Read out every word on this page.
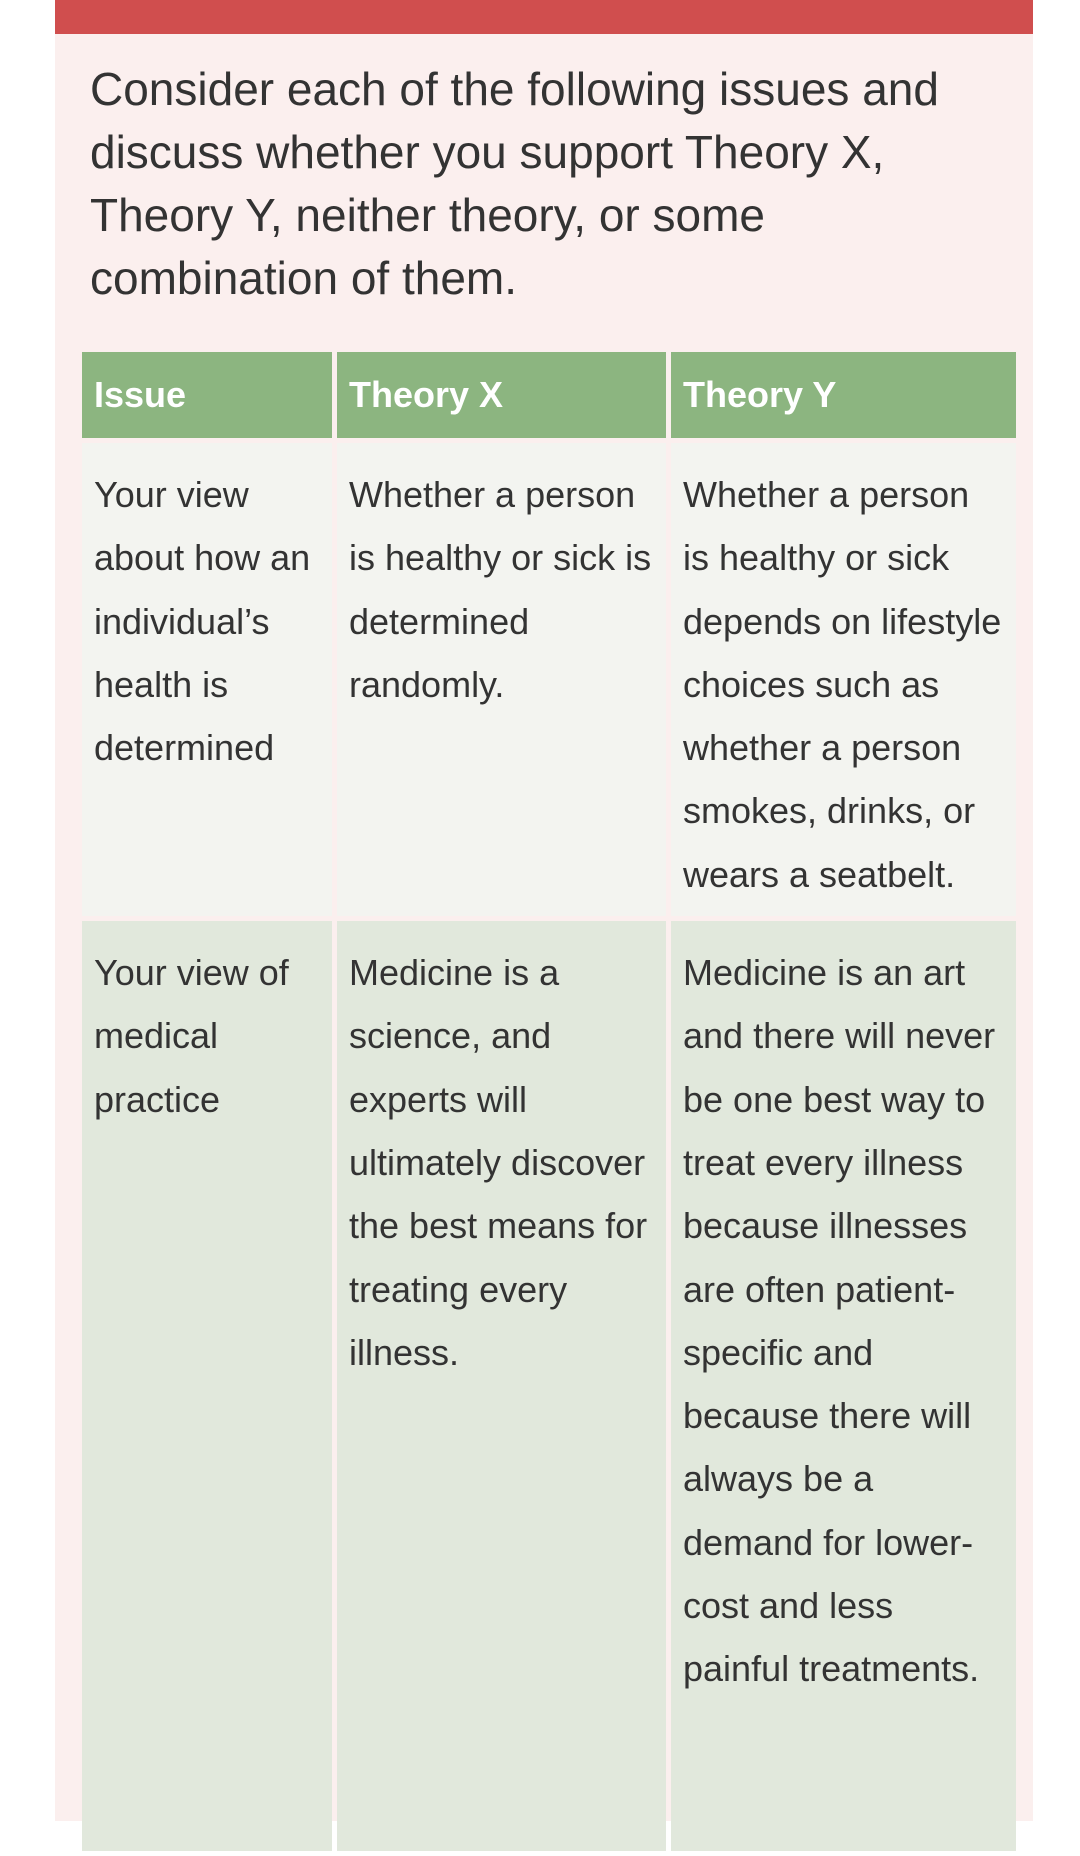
Consider each of the following issues and discuss whether you support Theory X, Theory Y, neither theory, or some combination of them.

Issue	Theory X	Theory Y
Your view about how an individual’s health is determined	Whether a person is healthy or sick is determined randomly.	Whether a person is healthy or sick depends on lifestyle choices such as whether a person smokes, drinks, or wears a seatbelt.
Your view of medical practice	Medicine is a science, and experts will ultimately discover the best means for treating every illness.	Medicine is an art and there will never be one best way to treat every illness because illnesses are often patient-specific and because there will always be a demand for lower-cost and less painful treatments.
